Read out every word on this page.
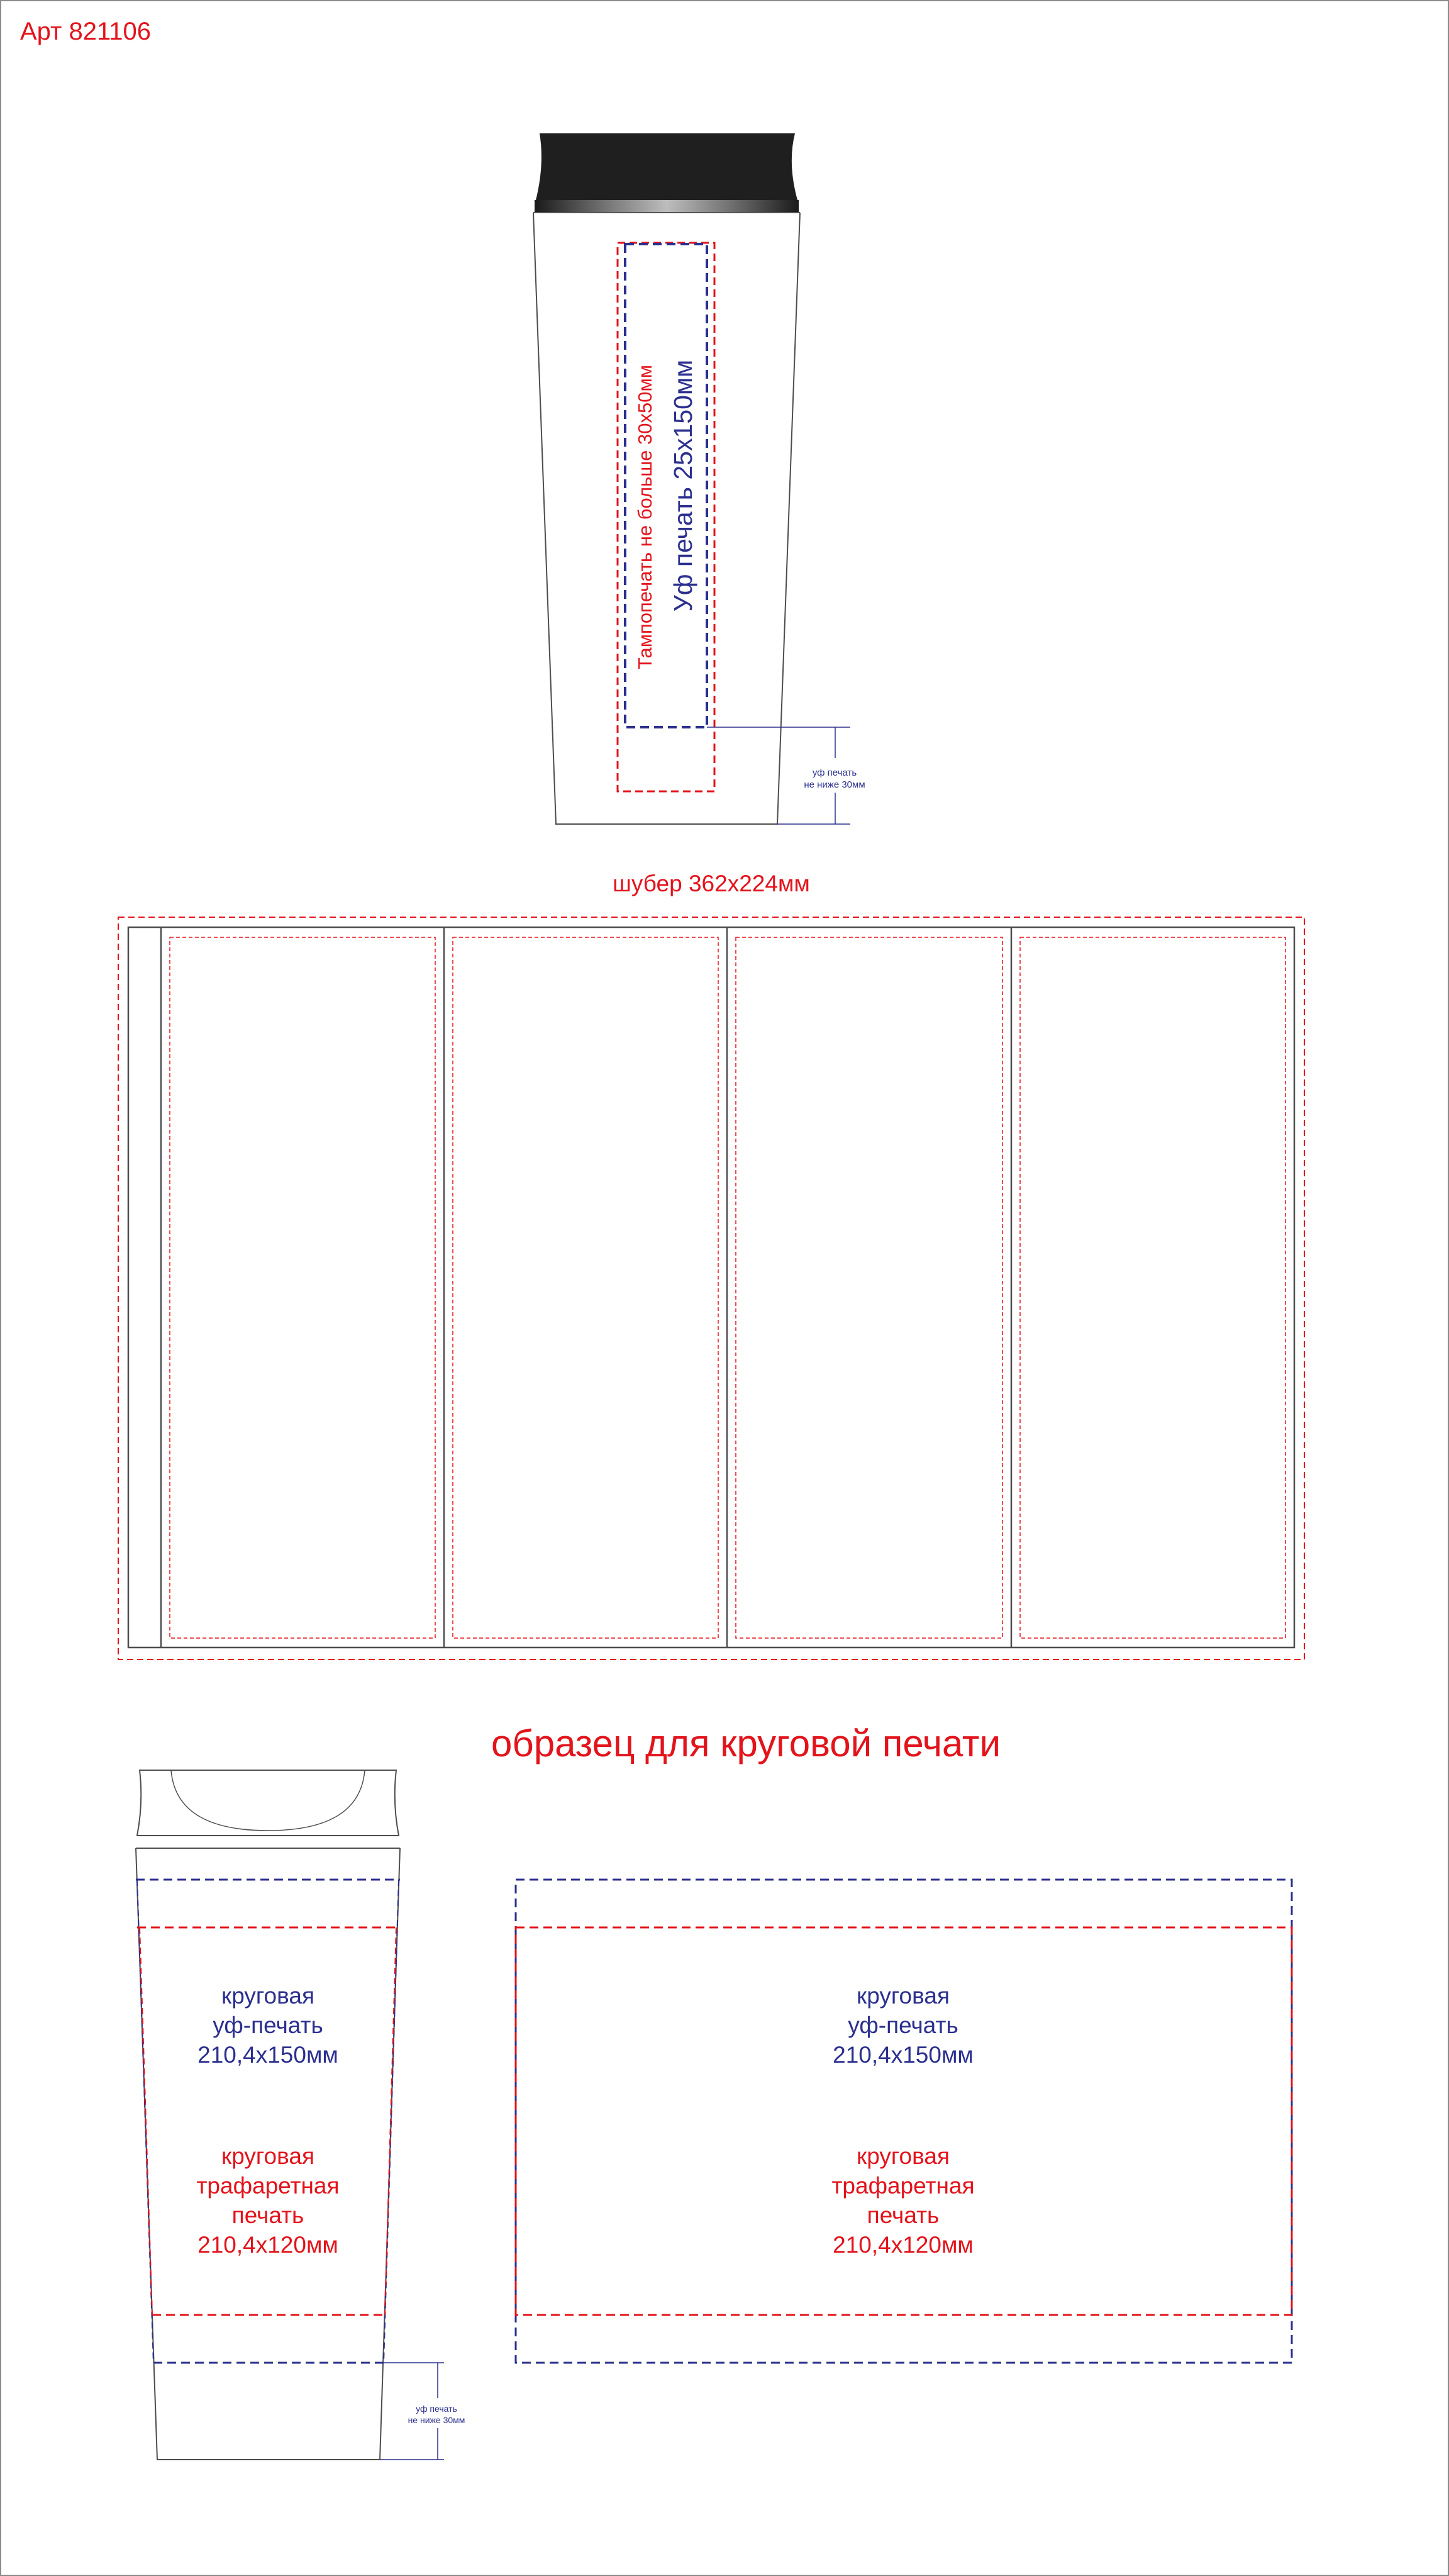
Арт 821106
Тампопечать не больше 30х50мм Уф печать 25х150мм
уф печать
не ниже 30мм
шубер 362х224мм
образец для круговой печати
круговая
уф-печать
210,4х150мм
круговая
трафаретная
печать
210,4х120мм
уф печать
не ниже 30мм
круговая
уф-печать
210,4х150мм
круговая
трафаретная
печать
210,4х120мм
